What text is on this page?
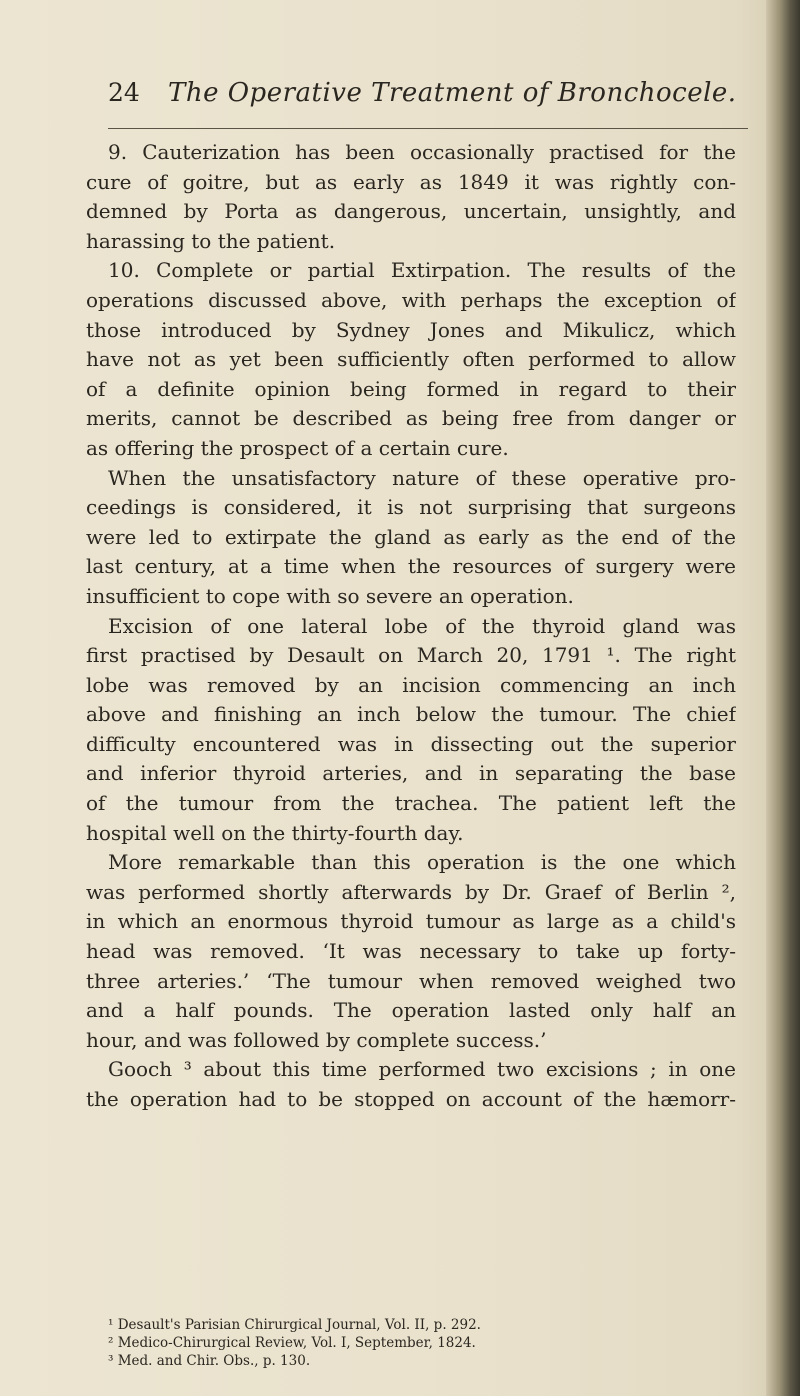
24 The Operative Treatment of Bronchocele.
9. Cauterization has been occasionally practised for the
cure of goitre, but as early as 1849 it was rightly con-
demned by Porta as dangerous, uncertain, unsightly, and
harassing to the patient.
10. Complete or partial Extirpation. The results of the
operations discussed above, with perhaps the exception of
those introduced by Sydney Jones and Mikulicz, which
have not as yet been sufficiently often performed to allow
of a definite opinion being formed in regard to their
merits, cannot be described as being free from danger or
as offering the prospect of a certain cure.
When the unsatisfactory nature of these operative pro-
ceedings is considered, it is not surprising that surgeons
were led to extirpate the gland as early as the end of the
last century, at a time when the resources of surgery were
insufficient to cope with so severe an operation.
Excision of one lateral lobe of the thyroid gland was
first practised by Desault on March 20, 1791 ¹. The right
lobe was removed by an incision commencing an inch
above and finishing an inch below the tumour. The chief
difficulty encountered was in dissecting out the superior
and inferior thyroid arteries, and in separating the base
of the tumour from the trachea. The patient left the
hospital well on the thirty-fourth day.
More remarkable than this operation is the one which
was performed shortly afterwards by Dr. Graef of Berlin ²,
in which an enormous thyroid tumour as large as a child's
head was removed. ‘It was necessary to take up forty-
three arteries.’ ‘The tumour when removed weighed two
and a half pounds. The operation lasted only half an
hour, and was followed by complete success.’
Gooch ³ about this time performed two excisions ; in one
the operation had to be stopped on account of the hæmorr-
¹ Desault's Parisian Chirurgical Journal, Vol. II, p. 292.
² Medico-Chirurgical Review, Vol. I, September, 1824.
³ Med. and Chir. Obs., p. 130.
